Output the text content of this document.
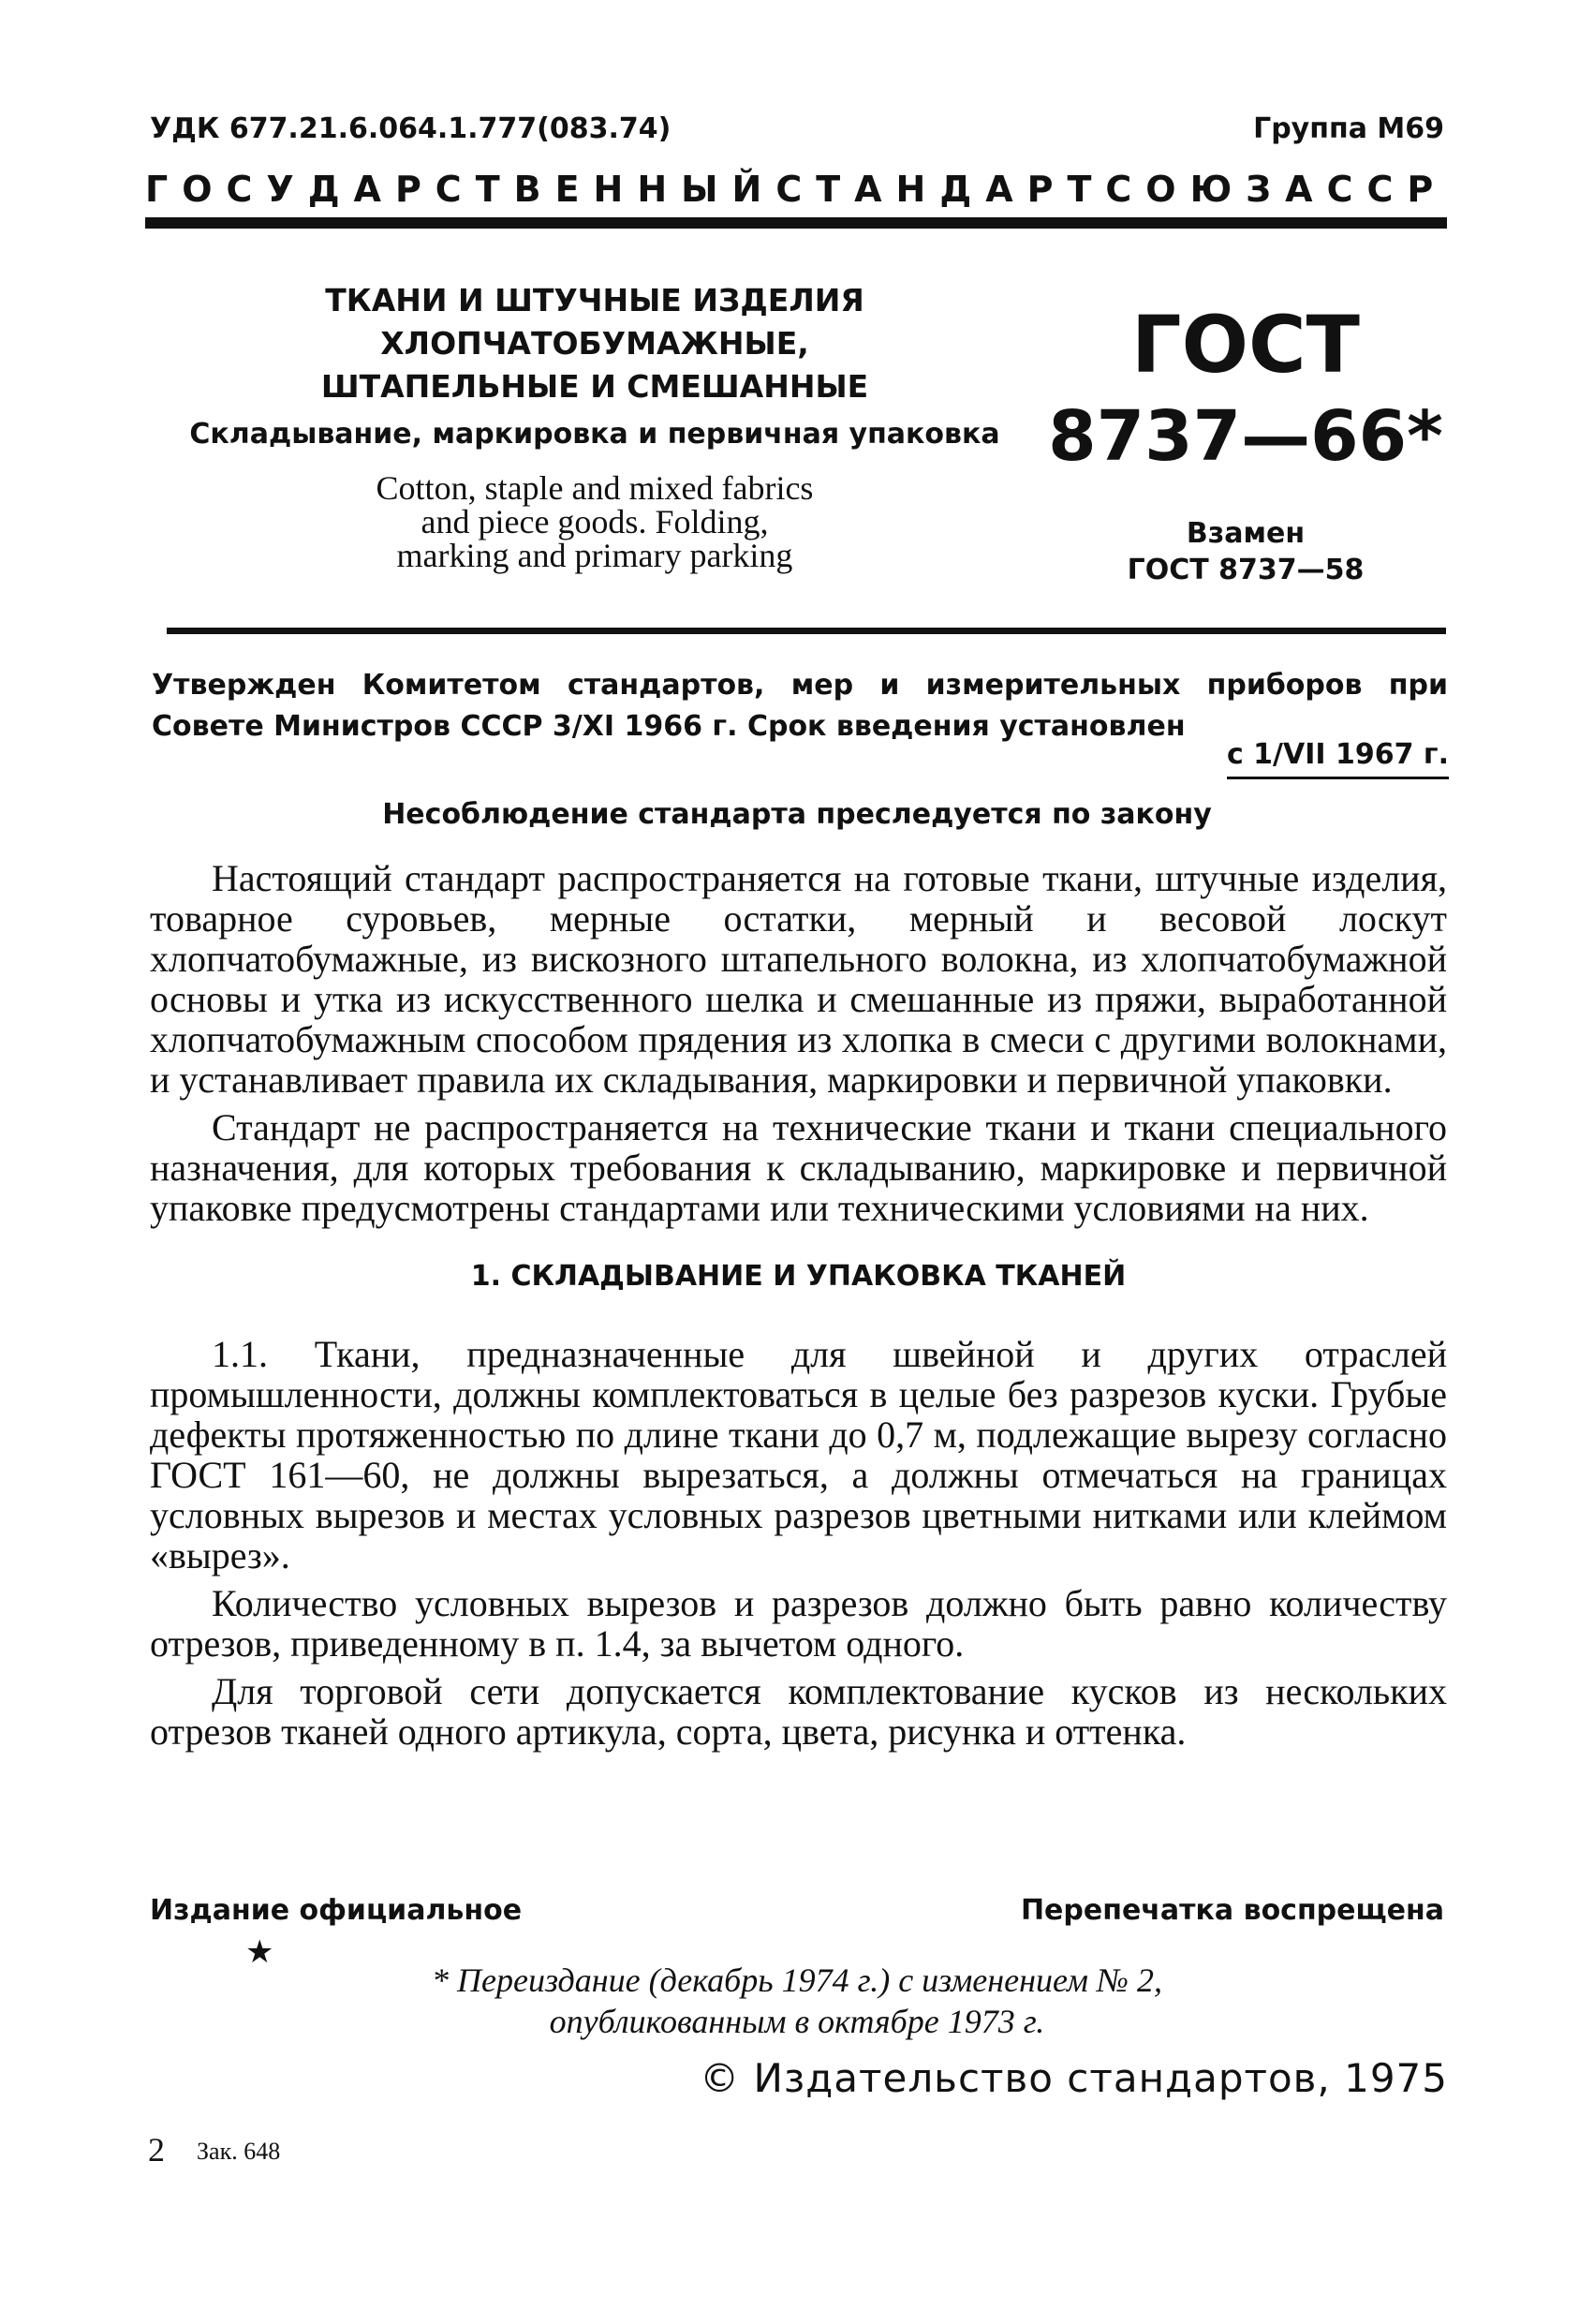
УДК 677.21.6.064.1.777(083.74)	Группа М69
ГОСУДАРСТВЕННЫЙ СТАНДАРТ СОЮЗА ССР
ТКАНИ И ШТУЧНЫЕ ИЗДЕЛИЯ
ХЛОПЧАТОБУМАЖНЫЕ,
ШТАПЕЛЬНЫЕ И СМЕШАННЫЕ
Складывание, маркировка и первичная упаковка
Cotton, staple and mixed fabrics
and piece goods. Folding,
marking and primary parking
ГОСТ
8737—66*
Взамен
ГОСТ 8737—58
Утвержден Комитетом стандартов, мер и измерительных приборов при Совете Министров СССР 3/XI 1966 г. Срок введения установлен
с 1/VII 1967 г.
Несоблюдение стандарта преследуется по закону

Настоящий стандарт распространяется на готовые ткани, штучные изделия, товарное суровьев, мерные остатки, мерный и весовой лоскут хлопчатобумажные, из вискозного штапельного волокна, из хлопчатобумажной основы и утка из искусственного шелка и смешанные из пряжи, выработанной хлопчатобумажным способом прядения из хлопка в смеси с другими волокнами, и устанавливает правила их складывания, маркировки и первичной упаковки.

Стандарт не распространяется на технические ткани и ткани специального назначения, для которых требования к складыванию, маркировке и первичной упаковке предусмотрены стандартами или техническими условиями на них.

1. СКЛАДЫВАНИЕ И УПАКОВКА ТКАНЕЙ

1.1. Ткани, предназначенные для швейной и других отраслей промышленности, должны комплектоваться в целые без разрезов куски. Грубые дефекты протяженностью по длине ткани до 0,7 м, подлежащие вырезу согласно ГОСТ 161—60, не должны вырезаться, а должны отмечаться на границах условных вырезов и местах условных разрезов цветными нитками или клеймом «вырез».

Количество условных вырезов и разрезов должно быть равно количеству отрезов, приведенному в п. 1.4, за вычетом одного.

Для торговой сети допускается комплектование кусков из нескольких отрезов тканей одного артикула, сорта, цвета, рисунка и оттенка.

Издание официальное	Перепечатка воспрещена
★
* Переиздание (декабрь 1974 г.) с изменением № 2,
опубликованным в октябре 1973 г.
© Издательство стандартов, 1975
2 Зак. 648
